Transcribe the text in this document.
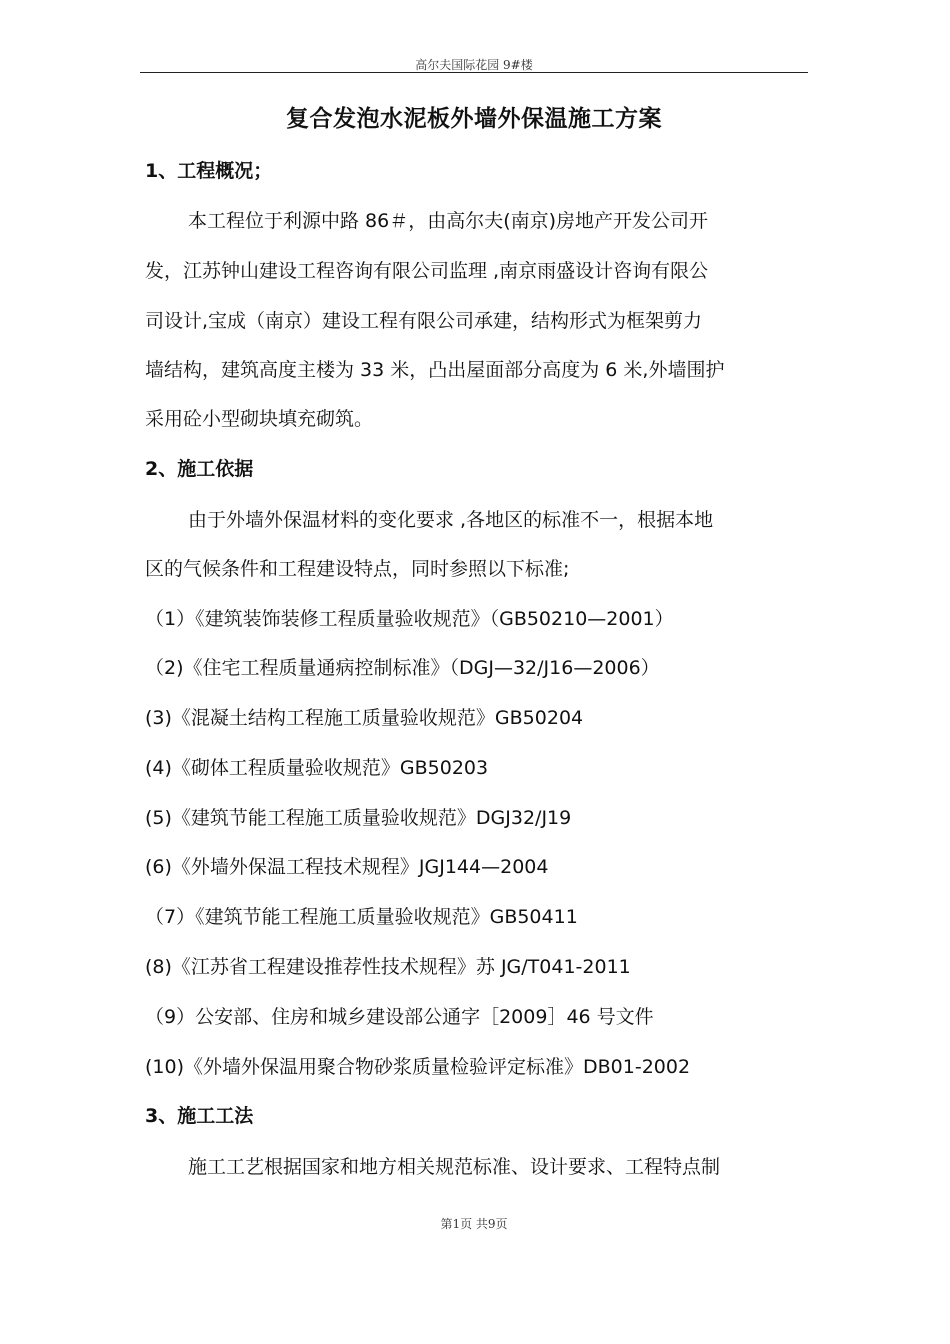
高尔夫国际花园 9#楼
复合发泡水泥板外墙外保温施工方案
1、工程概况；
本工程位于利源中路 86＃，由高尔夫(南京)房地产开发公司开
发，江苏钟山建设工程咨询有限公司监理 ,南京雨盛设计咨询有限公
司设计,宝成（南京）建设工程有限公司承建，结构形式为框架剪力
墙结构，建筑高度主楼为 33 米，凸出屋面部分高度为 6 米,外墙围护
采用砼小型砌块填充砌筑。
2、施工依据
由于外墙外保温材料的变化要求 ,各地区的标准不一，根据本地
区的气候条件和工程建设特点，同时参照以下标准;
（1）《建筑装饰装修工程质量验收规范》（GB50210—2001）
（2)《住宅工程质量通病控制标准》（DGJ—32/J16—2006）
(3)《混凝土结构工程施工质量验收规范》GB50204
(4)《砌体工程质量验收规范》GB50203
(5)《建筑节能工程施工质量验收规范》DGJ32/J19
(6)《外墙外保温工程技术规程》JGJ144—2004
（7）《建筑节能工程施工质量验收规范》GB50411
(8)《江苏省工程建设推荐性技术规程》苏 JG/T041-2011
（9）公安部、住房和城乡建设部公通字［2009］46 号文件
(10)《外墙外保温用聚合物砂浆质量检验评定标准》DB01-2002
3、施工工法
施工工艺根据国家和地方相关规范标准、设计要求、工程特点制
第1页 共9页
